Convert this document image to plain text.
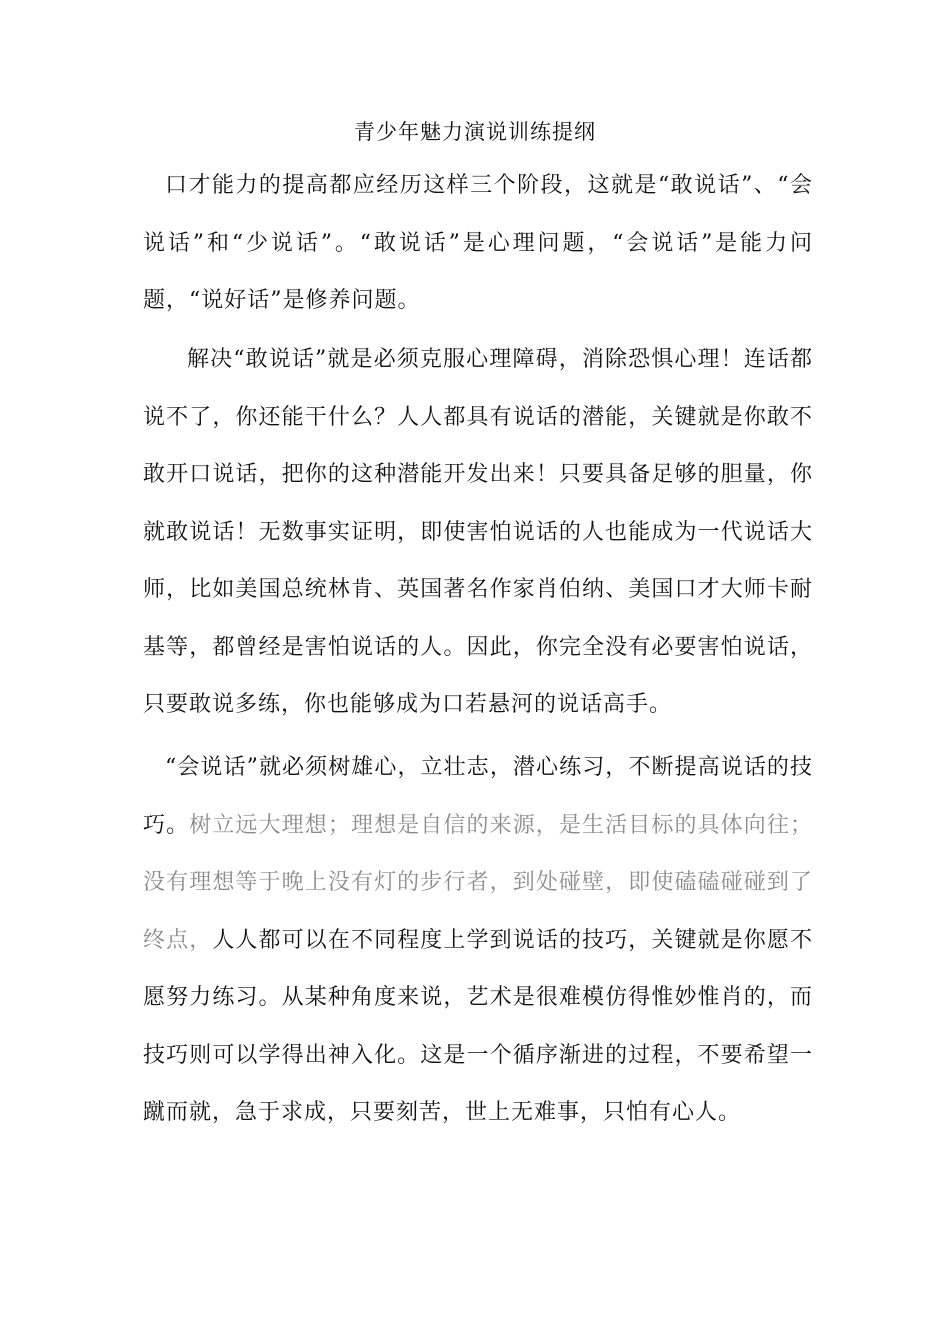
青少年魅力演说训练提纲

口才能力的提高都应经历这样三个阶段，这就是“敢说话”、“会说话”和“少说话”。“敢说话”是心理问题，“会说话”是能力问题，“说好话”是修养问题。

解决“敢说话”就是必须克服心理障碍，消除恐惧心理！连话都说不了，你还能干什么？人人都具有说话的潜能，关键就是你敢不敢开口说话，把你的这种潜能开发出来！只要具备足够的胆量，你就敢说话！无数事实证明，即使害怕说话的人也能成为一代说话大师，比如美国总统林肯、英国著名作家肖伯纳、美国口才大师卡耐基等，都曾经是害怕说话的人。因此，你完全没有必要害怕说话，只要敢说多练，你也能够成为口若悬河的说话高手。

“会说话”就必须树雄心，立壮志，潜心练习，不断提高说话的技巧。树立远大理想；理想是自信的来源，是生活目标的具体向往；没有理想等于晚上没有灯的步行者，到处碰壁，即使磕磕碰碰到了终点，人人都可以在不同程度上学到说话的技巧，关键就是你愿不愿努力练习。从某种角度来说，艺术是很难模仿得惟妙惟肖的，而技巧则可以学得出神入化。这是一个循序渐进的过程，不要希望一蹴而就，急于求成，只要刻苦，世上无难事，只怕有心人。
